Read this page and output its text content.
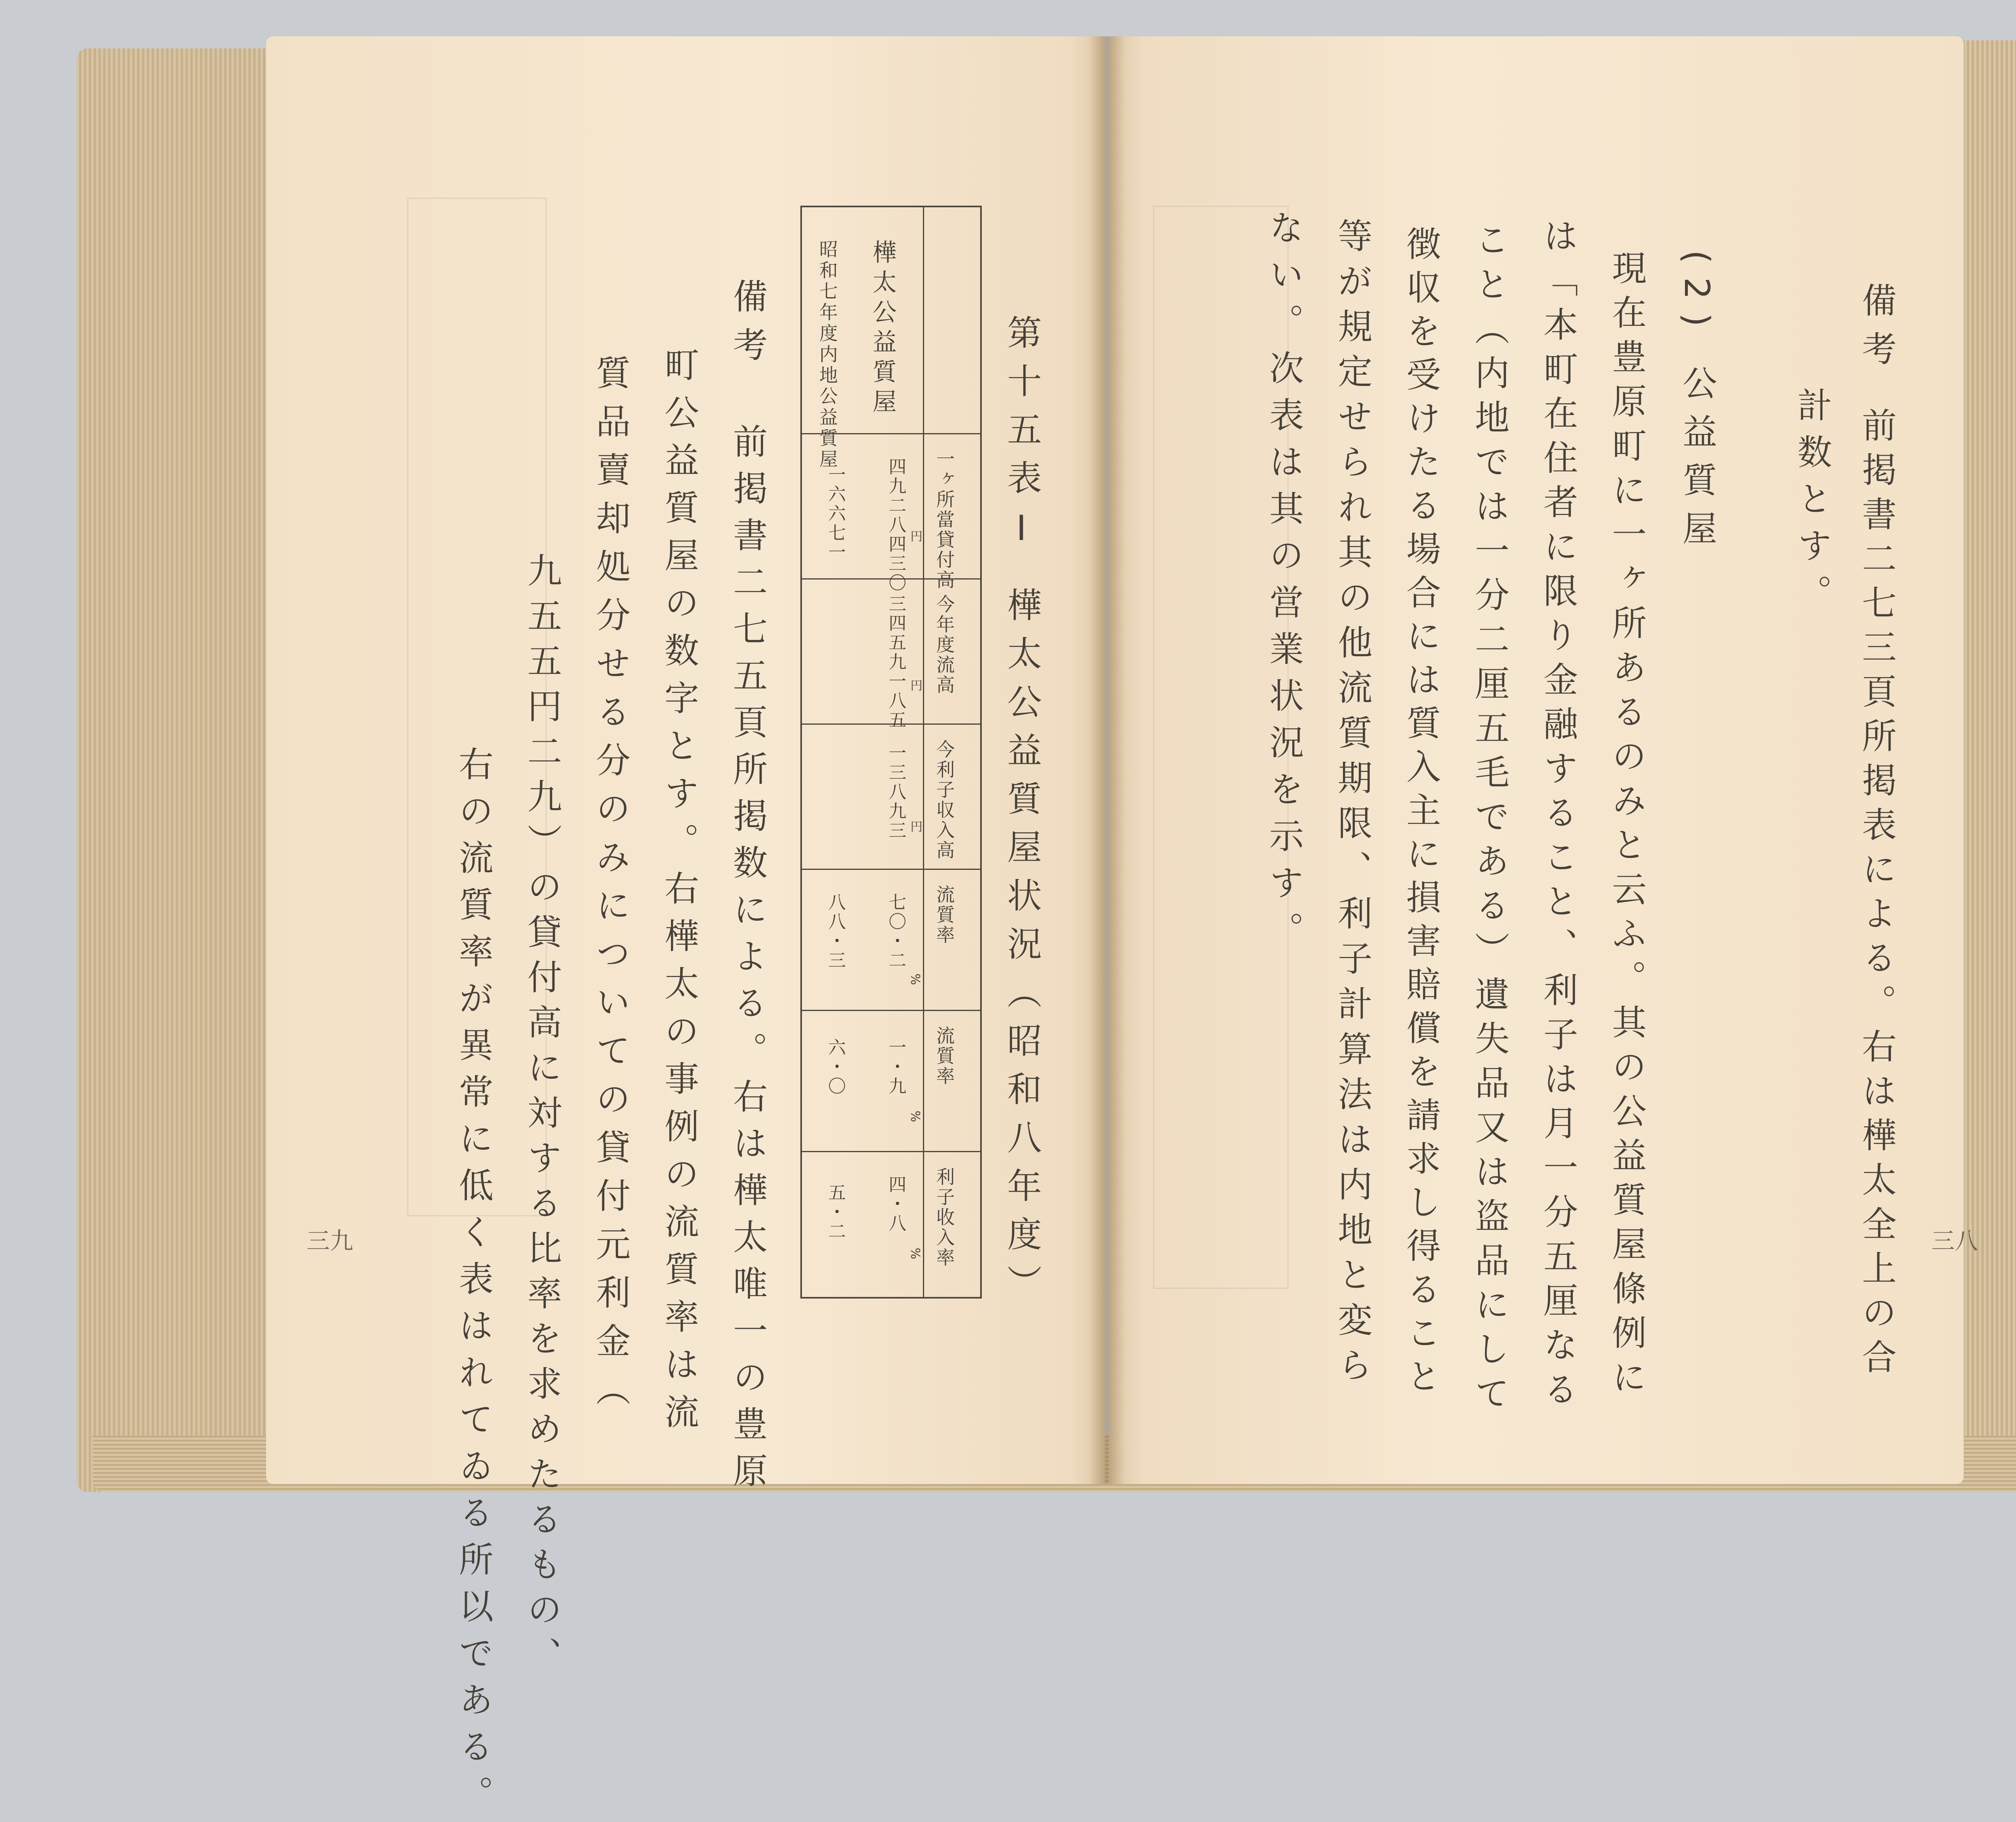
第十五表Ⅰ 樺太公益質屋状況（昭和八年度）
一ヶ所當貸付高
今年度流高
今利子収入高
流質率
流質率
利子收入率
樺太公益質屋
昭和七年度内地公益質屋
四九二八四三〇
三四五九一八五
一三八九三
七〇・二
一・九
四・八
一六六七一
八八・三
六・〇
五・二
円
円
円
%
%
%
備考
前掲書二七五頁所掲数による。右は樺太唯一の豊原
町公益質屋の数字とす。右樺太の事例の流質率は流
質品賣却処分せる分のみについての貸付元利金（
九五五円二九）の貸付高に対する比率を求めたるもの、
右の流質率が異常に低く表はれてゐる所以である。
三九
(2) 公益質屋
現在豊原町に一ヶ所あるのみと云ふ。其の公益質屋條例に
は「本町在住者に限り金融すること、利子は月一分五厘なる
こと（内地では一分二厘五毛である）遺失品又は盗品にして
徴収を受けたる場合には質入主に損害賠償を請求し得ること
等が規定せられ其の他流質期限、利子計算法は内地と変ら
ない。次表は其の営業状況を示す。	備考
前掲書二七三頁所掲表による。右は樺太全上の合
計数とす。
三八
